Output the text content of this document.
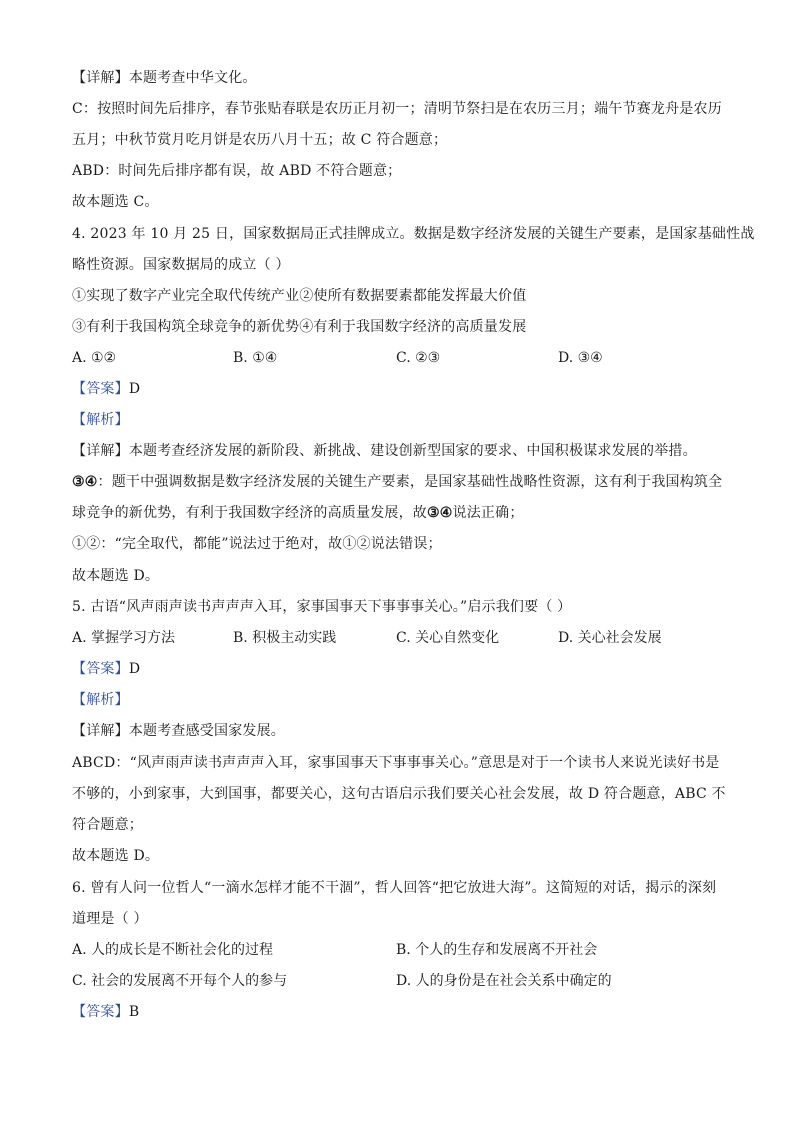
【详解】本题考查中华文化。
C：按照时间先后排序，春节张贴春联是农历正月初一；清明节祭扫是在农历三月；端午节赛龙舟是农历
五月；中秋节赏月吃月饼是农历八月十五；故 C 符合题意；
ABD：时间先后排序都有误，故 ABD 不符合题意；
故本题选 C。
4. 2023 年 10 月 25 日，国家数据局正式挂牌成立。数据是数字经济发展的关键生产要素，是国家基础性战
略性资源。国家数据局的成立（ ）
①实现了数字产业完全取代传统产业②使所有数据要素都能发挥最大价值
③有利于我国构筑全球竞争的新优势④有利于我国数字经济的高质量发展
A. ①②	B. ①④	C. ②③	D. ③④
【答案】D
【解析】
【详解】本题考查经济发展的新阶段、新挑战、建设创新型国家的要求、中国积极谋求发展的举措。
③④：题干中强调数据是数字经济发展的关键生产要素，是国家基础性战略性资源，这有利于我国构筑全
球竞争的新优势，有利于我国数字经济的高质量发展，故③④说法正确；
①②：“完全取代，都能”说法过于绝对，故①②说法错误；
故本题选 D。
5. 古语“风声雨声读书声声声入耳，家事国事天下事事事关心。”启示我们要（ ）
A. 掌握学习方法	B. 积极主动实践	C. 关心自然变化	D. 关心社会发展
【答案】D
【解析】
【详解】本题考查感受国家发展。
ABCD：“风声雨声读书声声声入耳，家事国事天下事事事关心。”意思是对于一个读书人来说光读好书是
不够的，小到家事，大到国事，都要关心，这句古语启示我们要关心社会发展，故 D 符合题意，ABC 不
符合题意；
故本题选 D。
6. 曾有人问一位哲人“一滴水怎样才能不干涸”，哲人回答“把它放进大海”。这简短的对话，揭示的深刻
道理是（ ）
A. 人的成长是不断社会化的过程	B. 个人的生存和发展离不开社会
C. 社会的发展离不开每个人的参与	D. 人的身份是在社会关系中确定的
【答案】B
